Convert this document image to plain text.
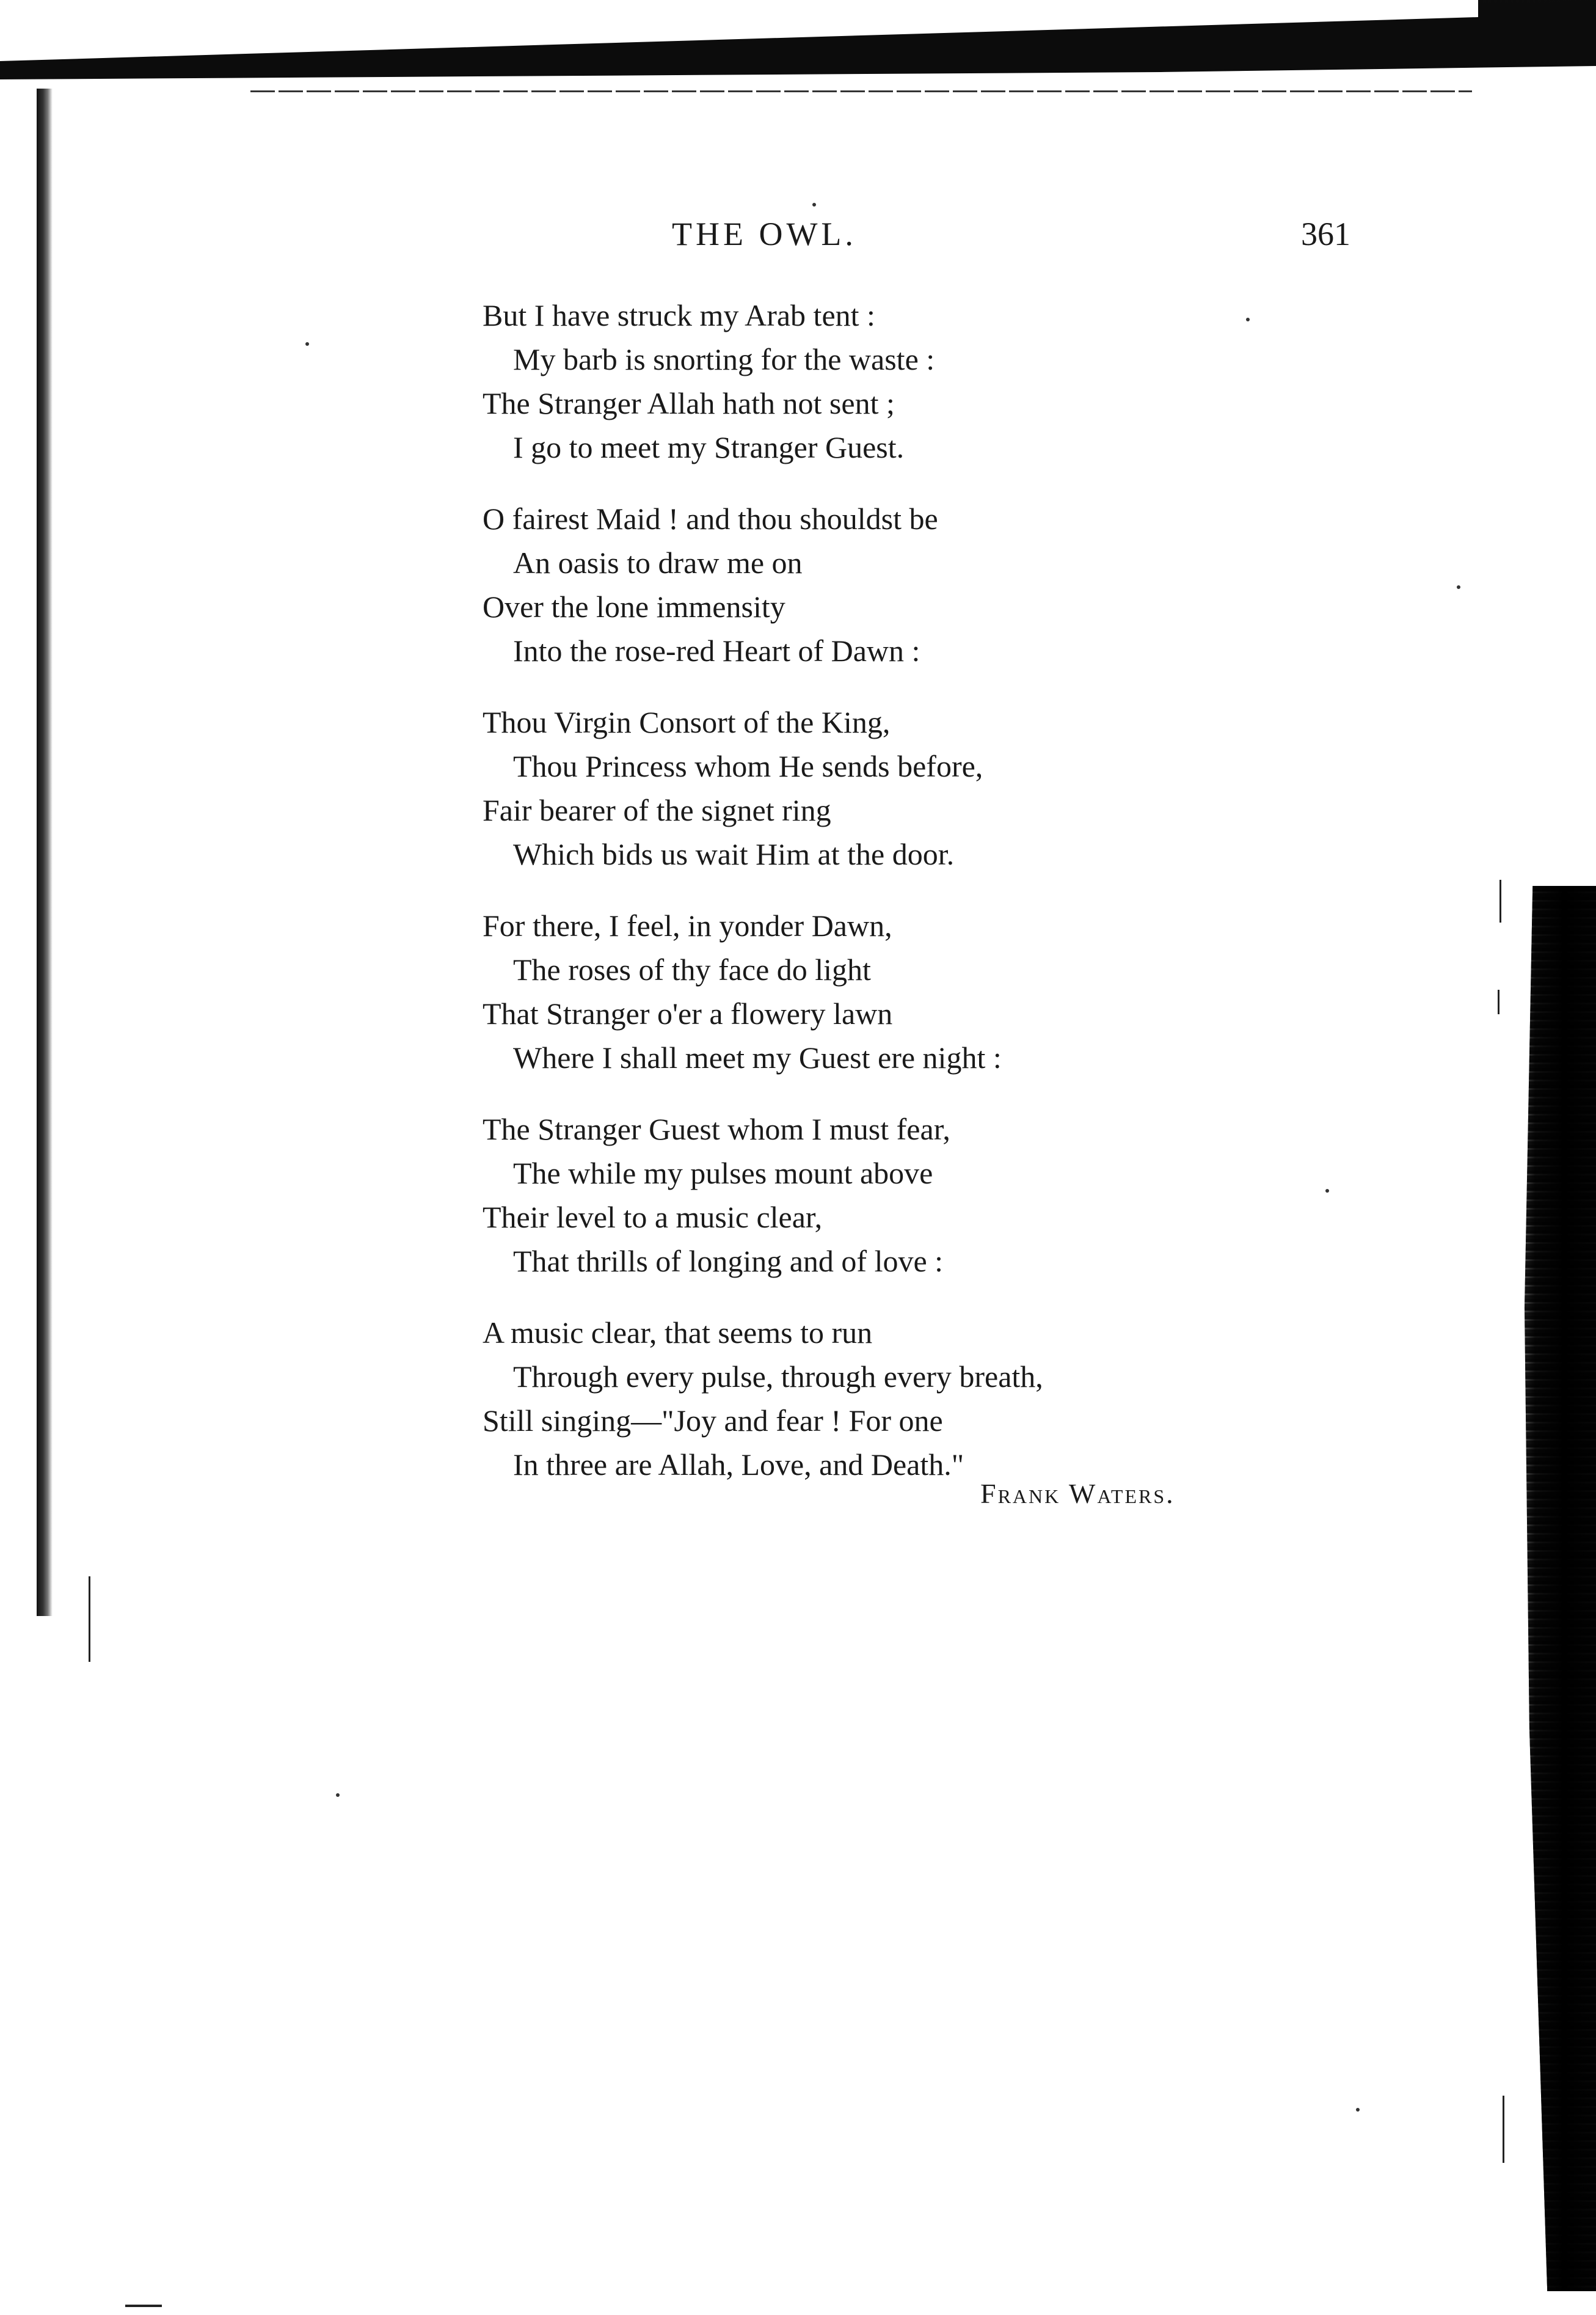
THE OWL.	361
But I have struck my Arab tent :
My barb is snorting for the waste :
The Stranger Allah hath not sent ;
I go to meet my Stranger Guest.
O fairest Maid ! and thou shouldst be
An oasis to draw me on
Over the lone immensity
Into the rose-red Heart of Dawn :
Thou Virgin Consort of the King,
Thou Princess whom He sends before,
Fair bearer of the signet ring
Which bids us wait Him at the door.
For there, I feel, in yonder Dawn,
The roses of thy face do light
That Stranger o'er a flowery lawn
Where I shall meet my Guest ere night :
The Stranger Guest whom I must fear,
The while my pulses mount above
Their level to a music clear,
That thrills of longing and of love :
A music clear, that seems to run
Through every pulse, through every breath,
Still singing—"Joy and fear ! For one
In three are Allah, Love, and Death."
Frank Waters.
